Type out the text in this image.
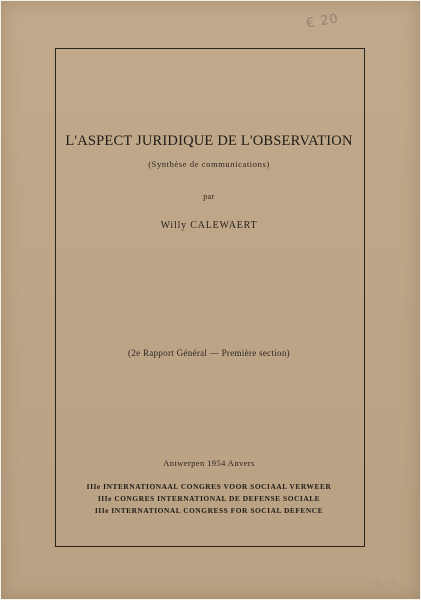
€ 20
L'ASPECT JURIDIQUE DE L'OBSERVATION
(Synthèse de communications)
par
Willy CALEWAERT
(2e Rapport Général — Première section)
Antwerpen 1954 Anvers
IIIe INTERNATIONAAL CONGRES VOOR SOCIAAL VERWEER
IIIe CONGRES INTERNATIONAL DE DEFENSE SOCIALE
IIIe INTERNATIONAL CONGRESS FOR SOCIAL DEFENCE
F.T
